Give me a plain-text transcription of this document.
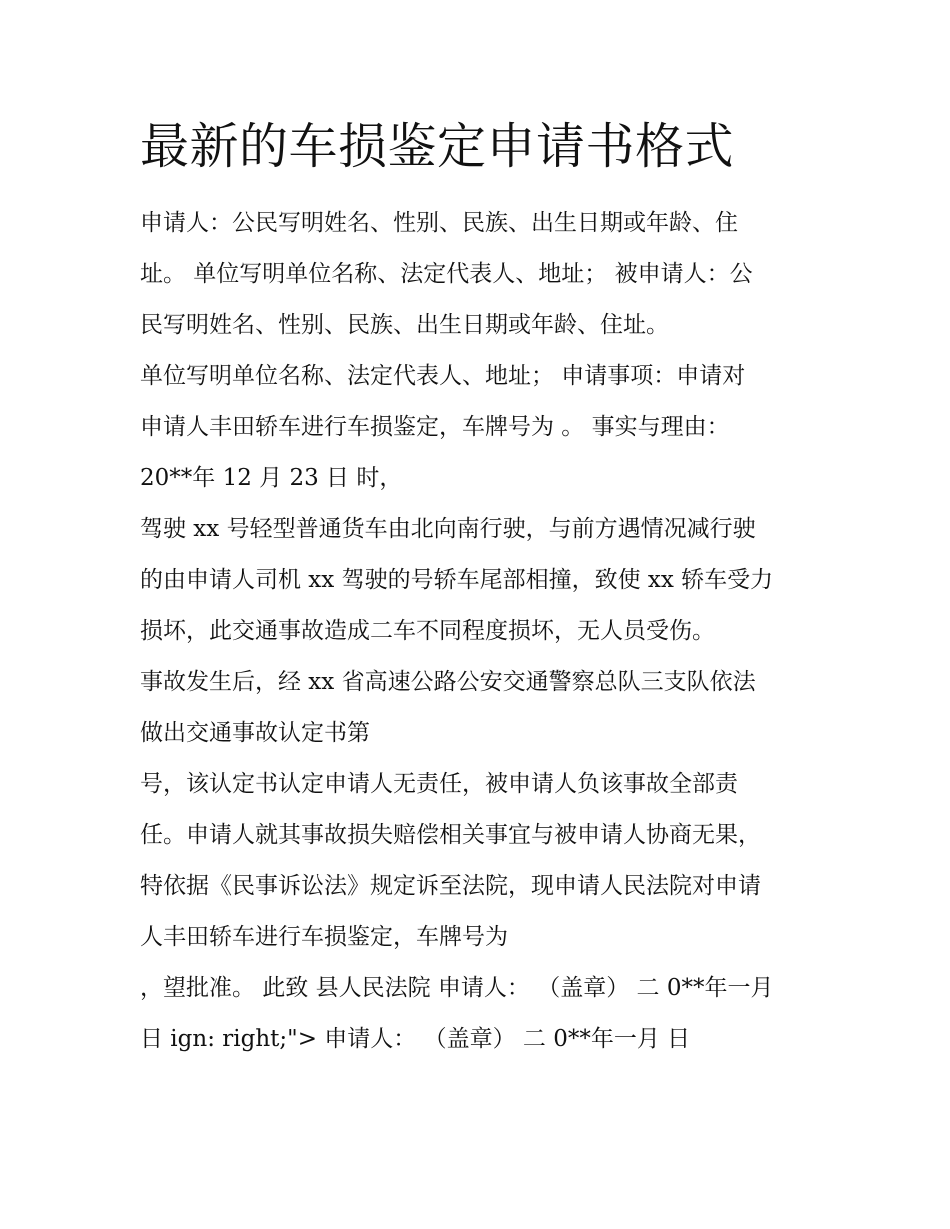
最新的车损鉴定申请书格式
申请人：公民写明姓名、性别、民族、出生日期或年龄、住
址。 单位写明单位名称、法定代表人、地址； 被申请人：公
民写明姓名、性别、民族、出生日期或年龄、住址。
单位写明单位名称、法定代表人、地址； 申请事项：申请对
申请人丰田轿车进行车损鉴定，车牌号为 。 事实与理由：
20**年 12 月 23 日 时，
驾驶 xx 号轻型普通货车由北向南行驶，与前方遇情况减行驶
的由申请人司机 xx 驾驶的号轿车尾部相撞，致使 xx 轿车受力
损坏，此交通事故造成二车不同程度损坏，无人员受伤。
事故发生后，经 xx 省高速公路公安交通警察总队三支队依法
做出交通事故认定书第
号，该认定书认定申请人无责任，被申请人负该事故全部责
任。申请人就其事故损失赔偿相关事宜与被申请人协商无果，
特依据《民事诉讼法》规定诉至法院，现申请人民法院对申请
人丰田轿车进行车损鉴定，车牌号为
，望批准。 此致 县人民法院 申请人： （盖章） 二 0**年一月
日 ign: right;"> 申请人： （盖章） 二 0**年一月 日
